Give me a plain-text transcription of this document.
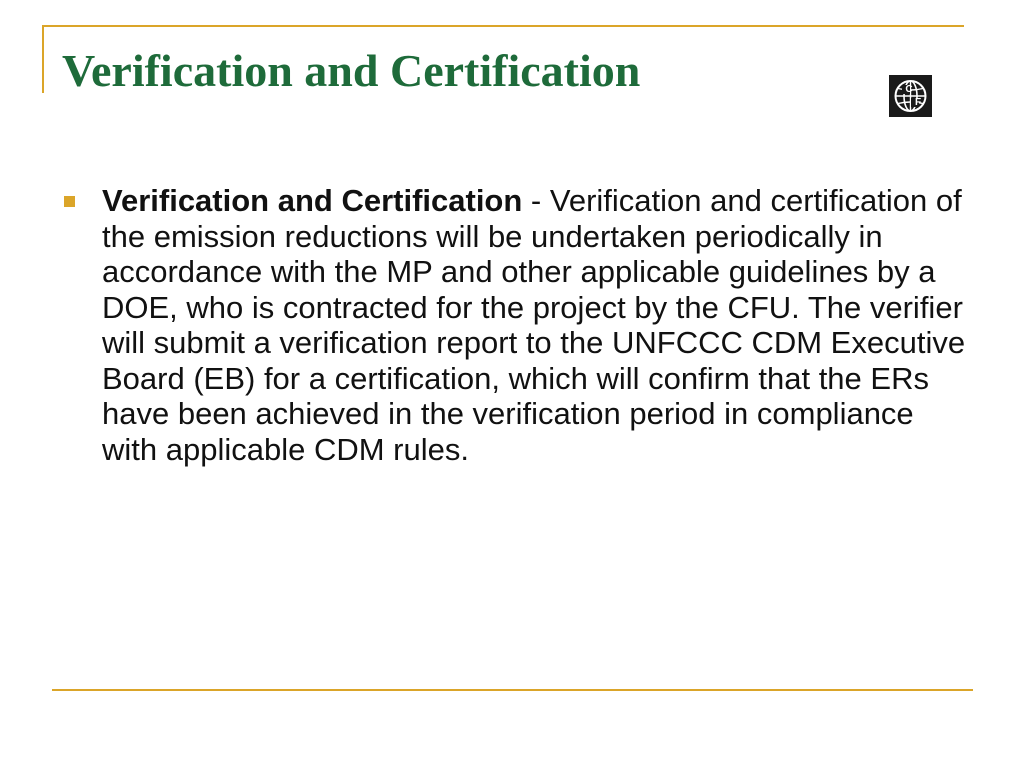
Verification and Certification	C
F
Verification and Certification - Verification and certification of the emission reductions will be undertaken periodically in accordance with the MP and other applicable guidelines by a DOE, who is contracted for the project by the CFU. The verifier will submit a verification report to the UNFCCC CDM Executive Board (EB) for a certification, which will confirm that the ERs have been achieved in the verification period in compliance with applicable CDM rules.
